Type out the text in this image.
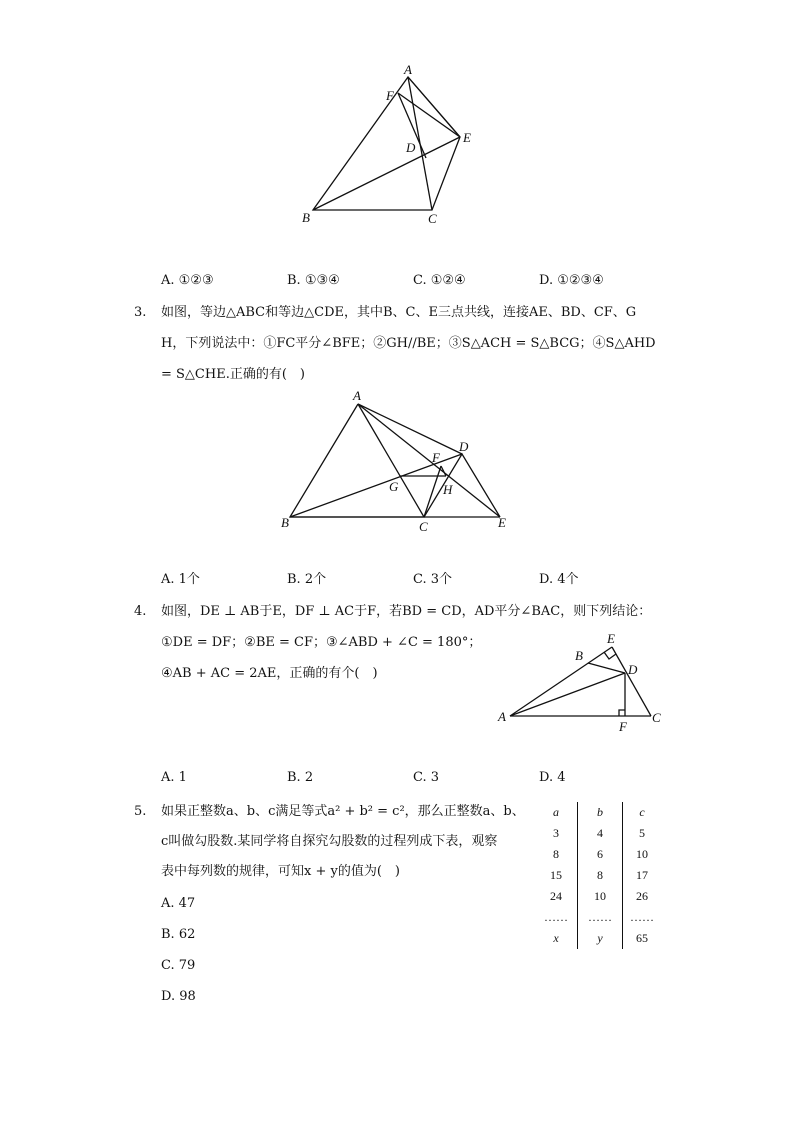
A
F
E
D
B	C
A. ①②③	B. ①③④	C. ①②④	D. ①②③④
3. 如图，等边△ABC和等边△CDE，其中B、C、E三点共线，连接AE、BD、CF、G
H，下列说法中：①FC平分∠BFE；②GH//BE；③S△ACH = S△BCG；④S△AHD
= S△CHE.正确的有(　)
A
D
F
G	H
B	C	E
A. 1个	B. 2个	C. 3个	D. 4个
4. 如图，DE ⊥ AB于E，DF ⊥ AC于F，若BD = CD，AD平分∠BAC，则下列结论：
①DE = DF；②BE = CF；③∠ABD + ∠C = 180°；
④AB + AC = 2AE，正确的有个(　)
E
B
D
A
F
C
A. 1	B. 2	C. 3	D. 4
5. 如果正整数a、b、c满足等式a² + b² = c²，那么正整数a、b、
c叫做勾股数.某同学将自探究勾股数的过程列成下表，观察
表中每列数的规律，可知x + y的值为(　)
A. 47
B. 62
C. 79
D. 98
a	b	c
3	4	5
8	6	10
15	8	17
24	10	26
……	……	……
x	y	65
